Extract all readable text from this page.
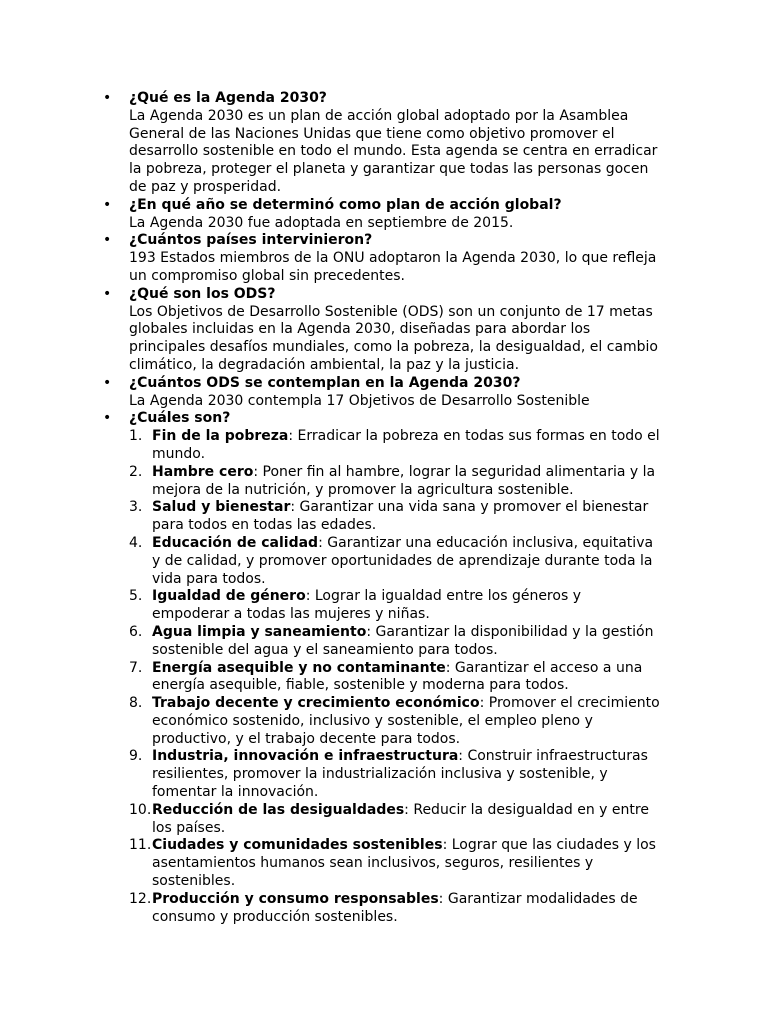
• ¿Qué es la Agenda 2030?
La Agenda 2030 es un plan de acción global adoptado por la Asamblea General de las Naciones Unidas que tiene como objetivo promover el desarrollo sostenible en todo el mundo. Esta agenda se centra en erradicar la pobreza, proteger el planeta y garantizar que todas las personas gocen de paz y prosperidad.
• ¿En qué año se determinó como plan de acción global?
La Agenda 2030 fue adoptada en septiembre de 2015.
• ¿Cuántos países intervinieron?
193 Estados miembros de la ONU adoptaron la Agenda 2030, lo que refleja un compromiso global sin precedentes.
• ¿Qué son los ODS?
Los Objetivos de Desarrollo Sostenible (ODS) son un conjunto de 17 metas globales incluidas en la Agenda 2030, diseñadas para abordar los principales desafíos mundiales, como la pobreza, la desigualdad, el cambio climático, la degradación ambiental, la paz y la justicia.
• ¿Cuántos ODS se contemplan en la Agenda 2030?
La Agenda 2030 contempla 17 Objetivos de Desarrollo Sostenible
• ¿Cuáles son?
1. Fin de la pobreza: Erradicar la pobreza en todas sus formas en todo el mundo.
2. Hambre cero: Poner fin al hambre, lograr la seguridad alimentaria y la mejora de la nutrición, y promover la agricultura sostenible.
3. Salud y bienestar: Garantizar una vida sana y promover el bienestar para todos en todas las edades.
4. Educación de calidad: Garantizar una educación inclusiva, equitativa y de calidad, y promover oportunidades de aprendizaje durante toda la vida para todos.
5. Igualdad de género: Lograr la igualdad entre los géneros y empoderar a todas las mujeres y niñas.
6. Agua limpia y saneamiento: Garantizar la disponibilidad y la gestión sostenible del agua y el saneamiento para todos.
7. Energía asequible y no contaminante: Garantizar el acceso a una energía asequible, fiable, sostenible y moderna para todos.
8. Trabajo decente y crecimiento económico: Promover el crecimiento económico sostenido, inclusivo y sostenible, el empleo pleno y productivo, y el trabajo decente para todos.
9. Industria, innovación e infraestructura: Construir infraestructuras resilientes, promover la industrialización inclusiva y sostenible, y fomentar la innovación.
10. Reducción de las desigualdades: Reducir la desigualdad en y entre los países.
11. Ciudades y comunidades sostenibles: Lograr que las ciudades y los asentamientos humanos sean inclusivos, seguros, resilientes y sostenibles.
12. Producción y consumo responsables: Garantizar modalidades de consumo y producción sostenibles.
